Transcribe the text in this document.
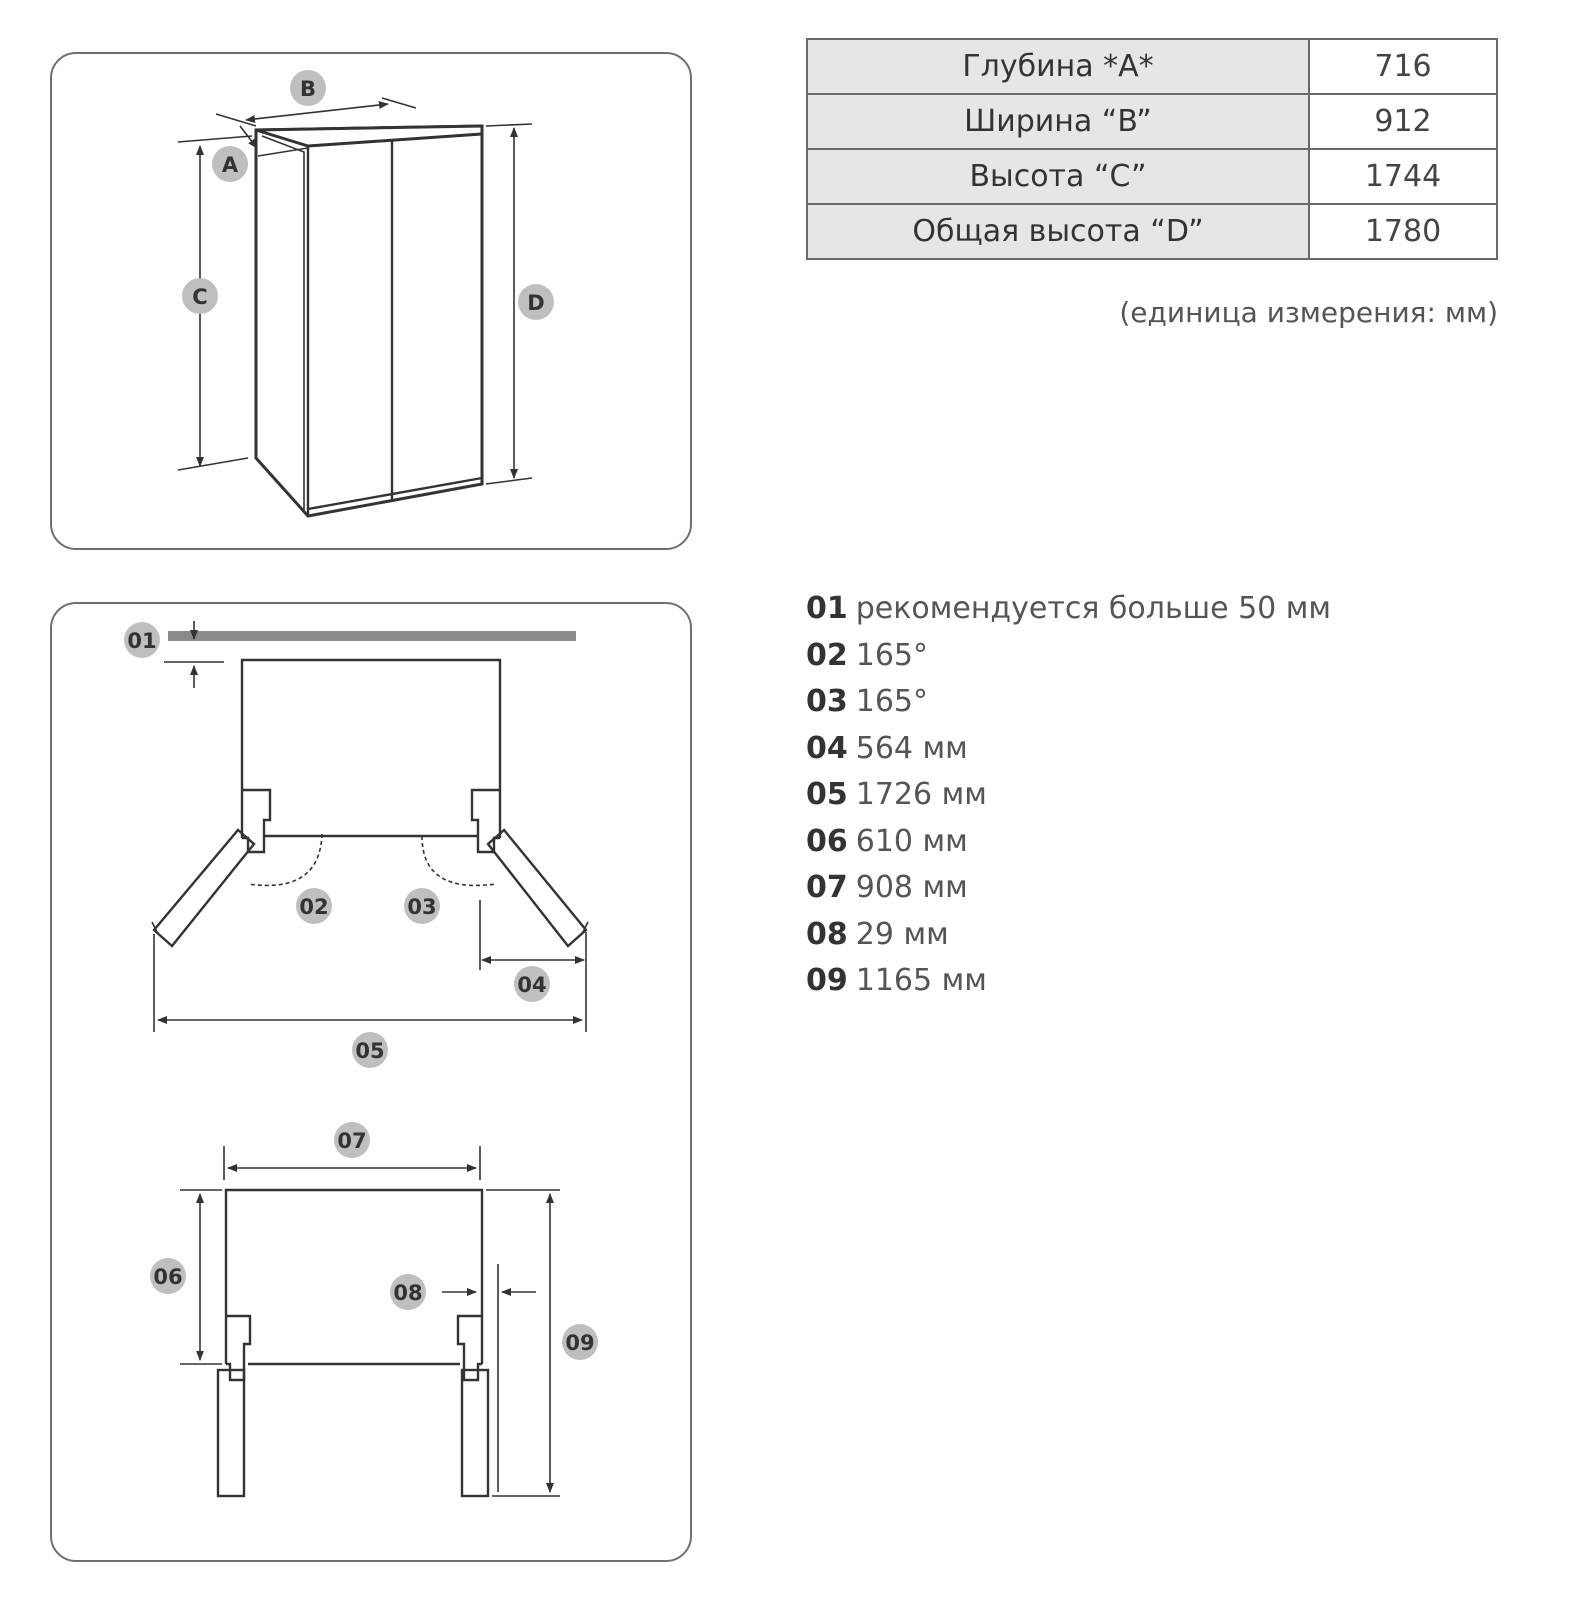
B
A
C	D
Глубина *A*	716
Ширина “B”	912
Высота “C”	1744
Общая высота “D”	1780
(единица измерения: мм)
01
02	03
04
05
07
06
08
09
01 рекомендуется больше 50 мм
02 165°
03 165°
04 564 мм
05 1726 мм
06 610 мм
07 908 мм
08 29 мм
09 1165 мм
